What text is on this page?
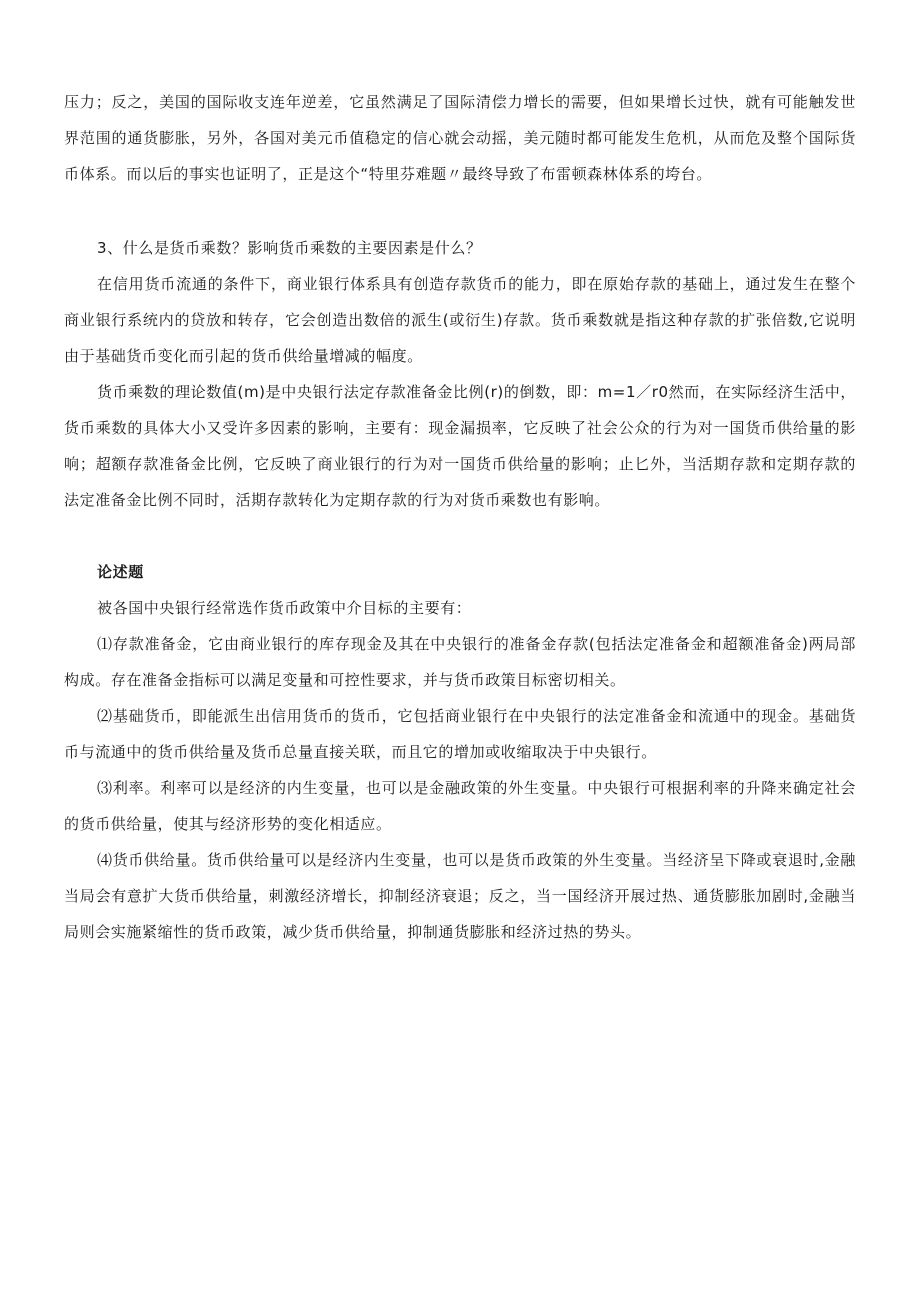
压力；反之，美国的国际收支连年逆差，它虽然满足了国际清偿力增长的需要，但如果增长过快，就有可能触发世界范围的通货膨胀，另外，各国对美元币值稳定的信心就会动摇，美元随时都可能发生危机，从而危及整个国际货币体系。而以后的事实也证明了，正是这个“特里芬难题〃最终导致了布雷顿森林体系的垮台。

3、什么是货币乘数？影响货币乘数的主要因素是什么？

在信用货币流通的条件下，商业银行体系具有创造存款货币的能力，即在原始存款的基础上，通过发生在整个商业银行系统内的贷放和转存，它会创造出数倍的派生(或衍生)存款。货币乘数就是指这种存款的扩张倍数,它说明由于基础货币变化而引起的货币供给量增减的幅度。

货币乘数的理论数值(m)是中央银行法定存款准备金比例(r)的倒数，即：m=1／r0然而，在实际经济生活中，货币乘数的具体大小又受许多因素的影响，主要有：现金漏损率，它反映了社会公众的行为对一国货币供给量的影响；超额存款准备金比例，它反映了商业银行的行为对一国货币供给量的影响；止匕外，当活期存款和定期存款的法定准备金比例不同时，活期存款转化为定期存款的行为对货币乘数也有影响。

论述题

被各国中央银行经常选作货币政策中介目标的主要有：

⑴存款准备金，它由商业银行的库存现金及其在中央银行的准备金存款(包括法定准备金和超额准备金)两局部构成。存在准备金指标可以满足变量和可控性要求，并与货币政策目标密切相关。

⑵基础货币，即能派生出信用货币的货币，它包括商业银行在中央银行的法定准备金和流通中的现金。基础货币与流通中的货币供给量及货币总量直接关联，而且它的增加或收缩取决于中央银行。

⑶利率。利率可以是经济的内生变量，也可以是金融政策的外生变量。中央银行可根据利率的升降来确定社会的货币供给量，使其与经济形势的变化相适应。

⑷货币供给量。货币供给量可以是经济内生变量，也可以是货币政策的外生变量。当经济呈下降或衰退时,金融当局会有意扩大货币供给量，刺激经济增长，抑制经济衰退；反之，当一国经济开展过热、通货膨胀加剧时,金融当局则会实施紧缩性的货币政策，减少货币供给量，抑制通货膨胀和经济过热的势头。
